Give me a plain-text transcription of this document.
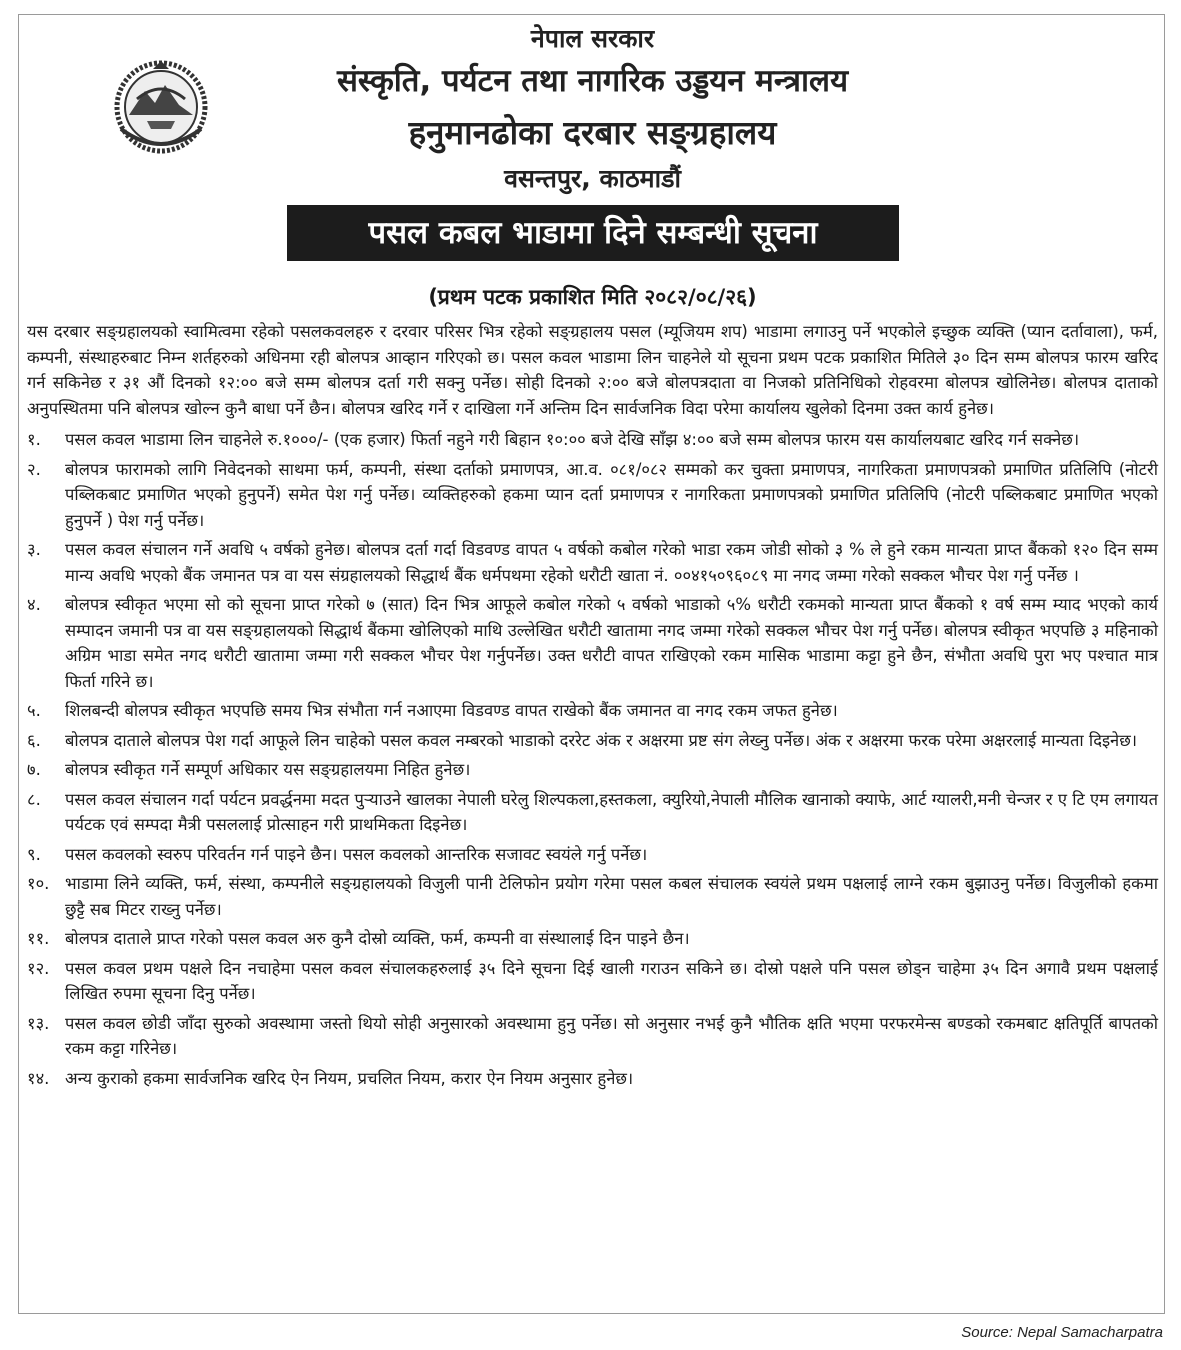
नेपाल सरकार
संस्कृति, पर्यटन तथा नागरिक उड्डयन मन्त्रालय
हनुमानढोका दरबार सङ्ग्रहालय
वसन्तपुर, काठमाडौं
पसल कबल भाडामा दिने सम्बन्धी सूचना
(प्रथम पटक प्रकाशित मिति २०८२/०८/२६)

यस दरबार सङ्ग्रहालयको स्वामित्वमा रहेको पसलकवलहरु र दरवार परिसर भित्र रहेको सङ्ग्रहालय पसल (म्यूजियम शप) भाडामा लगाउनु पर्ने भएकोले इच्छुक व्यक्ति (प्यान दर्तावाला), फर्म, कम्पनी, संस्थाहरुबाट निम्न शर्तहरुको अधिनमा रही बोलपत्र आव्हान गरिएको छ। पसल कवल भाडामा लिन चाहनेले यो सूचना प्रथम पटक प्रकाशित मितिले ३० दिन सम्म बोलपत्र फारम खरिद गर्न सकिनेछ र ३१ औं दिनको १२:०० बजे सम्म बोलपत्र दर्ता गरी सक्नु पर्नेछ। सोही दिनको २:०० बजे बोलपत्रदाता वा निजको प्रतिनिधिको रोहवरमा बोलपत्र खोलिनेछ। बोलपत्र दाताको अनुपस्थितमा पनि बोलपत्र खोल्न कुनै बाधा पर्ने छैन। बोलपत्र खरिद गर्ने र दाखिला गर्ने अन्तिम दिन सार्वजनिक विदा परेमा कार्यालय खुलेको दिनमा उक्त कार्य हुनेछ।

१.	पसल कवल भाडामा लिन चाहनेले रु.१०००/- (एक हजार) फिर्ता नहुने गरी बिहान १०:०० बजे देखि साँझ ४:०० बजे सम्म बोलपत्र फारम यस कार्यालयबाट खरिद गर्न सक्नेछ।
२.	बोलपत्र फारामको लागि निवेदनको साथमा फर्म, कम्पनी, संस्था दर्ताको प्रमाणपत्र, आ.व. ०८१/०८२ सम्मको कर चुक्ता प्रमाणपत्र, नागरिकता प्रमाणपत्रको प्रमाणित प्रतिलिपि (नोटरी पब्लिकबाट प्रमाणित भएको हुनुपर्ने) समेत पेश गर्नु पर्नेछ। व्यक्तिहरुको हकमा प्यान दर्ता प्रमाणपत्र र नागरिकता प्रमाणपत्रको प्रमाणित प्रतिलिपि (नोटरी पब्लिकबाट प्रमाणित भएको हुनुपर्ने ) पेश गर्नु पर्नेछ।
३.	पसल कवल संचालन गर्ने अवधि ५ वर्षको हुनेछ। बोलपत्र दर्ता गर्दा विडवण्ड वापत ५ वर्षको कबोल गरेको भाडा रकम जोडी सोको ३ % ले हुने रकम मान्यता प्राप्त बैंकको १२० दिन सम्म मान्य अवधि भएको बैंक जमानत पत्र वा यस संग्रहालयको सिद्धार्थ बैंक धर्मपथमा रहेको धरौटी खाता नं. ००४१५०९६०८९ मा नगद जम्मा गरेको सक्कल भौचर पेश गर्नु पर्नेछ ।
४.	बोलपत्र स्वीकृत भएमा सो को सूचना प्राप्त गरेको ७ (सात) दिन भित्र आफूले कबोल गरेको ५ वर्षको भाडाको ५% धरौटी रकमको मान्यता प्राप्त बैंकको १ वर्ष सम्म म्याद भएको कार्य सम्पादन जमानी पत्र वा यस सङ्ग्रहालयको सिद्धार्थ बैंकमा खोलिएको माथि उल्लेखित धरौटी खातामा नगद जम्मा गरेको सक्कल भौचर पेश गर्नु पर्नेछ। बोलपत्र स्वीकृत भएपछि ३ महिनाको अग्रिम भाडा समेत नगद धरौटी खातामा जम्मा गरी सक्कल भौचर पेश गर्नुपर्नेछ। उक्त धरौटी वापत राखिएको रकम मासिक भाडामा कट्टा हुने छैन, संभौता अवधि पुरा भए पश्चात मात्र फिर्ता गरिने छ।
५.	शिलबन्दी बोलपत्र स्वीकृत भएपछि समय भित्र संभौता गर्न नआएमा विडवण्ड वापत राखेको बैंक जमानत वा नगद रकम जफत हुनेछ।
६.	बोलपत्र दाताले बोलपत्र पेश गर्दा आफूले लिन चाहेको पसल कवल नम्बरको भाडाको दररेट अंक र अक्षरमा प्रष्ट संग लेख्नु पर्नेछ। अंक र अक्षरमा फरक परेमा अक्षरलाई मान्यता दिइनेछ।
७.	बोलपत्र स्वीकृत गर्ने सम्पूर्ण अधिकार यस सङ्ग्रहालयमा निहित हुनेछ।
८.	पसल कवल संचालन गर्दा पर्यटन प्रवर्द्धनमा मदत पुऱ्याउने खालका नेपाली घरेलु शिल्पकला,हस्तकला, क्युरियो,नेपाली मौलिक खानाको क्याफे, आर्ट ग्यालरी,मनी चेन्जर र ए टि एम लगायत पर्यटक एवं सम्पदा मैत्री पसललाई प्रोत्साहन गरी प्राथमिकता दिइनेछ।
९.	पसल कवलको स्वरुप परिवर्तन गर्न पाइने छैन। पसल कवलको आन्तरिक सजावट स्वयंले गर्नु पर्नेछ।
१०. भाडामा लिने व्यक्ति, फर्म, संस्था, कम्पनीले सङ्ग्रहालयको विजुली पानी टेलिफोन प्रयोग गरेमा पसल कबल संचालक स्वयंले प्रथम पक्षलाई लाग्ने रकम बुझाउनु पर्नेछ। विजुलीको हकमा छुट्टै सब मिटर राख्नु पर्नेछ।
११. बोलपत्र दाताले प्राप्त गरेको पसल कवल अरु कुनै दोस्रो व्यक्ति, फर्म, कम्पनी वा संस्थालाई दिन पाइने छैन।
१२. पसल कवल प्रथम पक्षले दिन नचाहेमा पसल कवल संचालकहरुलाई ३५ दिने सूचना दिई खाली गराउन सकिने छ। दोस्रो पक्षले पनि पसल छोड्न चाहेमा ३५ दिन अगावै प्रथम पक्षलाई लिखित रुपमा सूचना दिनु पर्नेछ।
१३. पसल कवल छोडी जाँदा सुरुको अवस्थामा जस्तो थियो सोही अनुसारको अवस्थामा हुनु पर्नेछ। सो अनुसार नभई कुनै भौतिक क्षति भएमा परफरमेन्स बण्डको रकमबाट क्षतिपूर्ति बापतको रकम कट्टा गरिनेछ।
१४. अन्य कुराको हकमा सार्वजनिक खरिद ऐन नियम, प्रचलित नियम, करार ऐन नियम अनुसार हुनेछ।
Source: Nepal Samacharpatra
